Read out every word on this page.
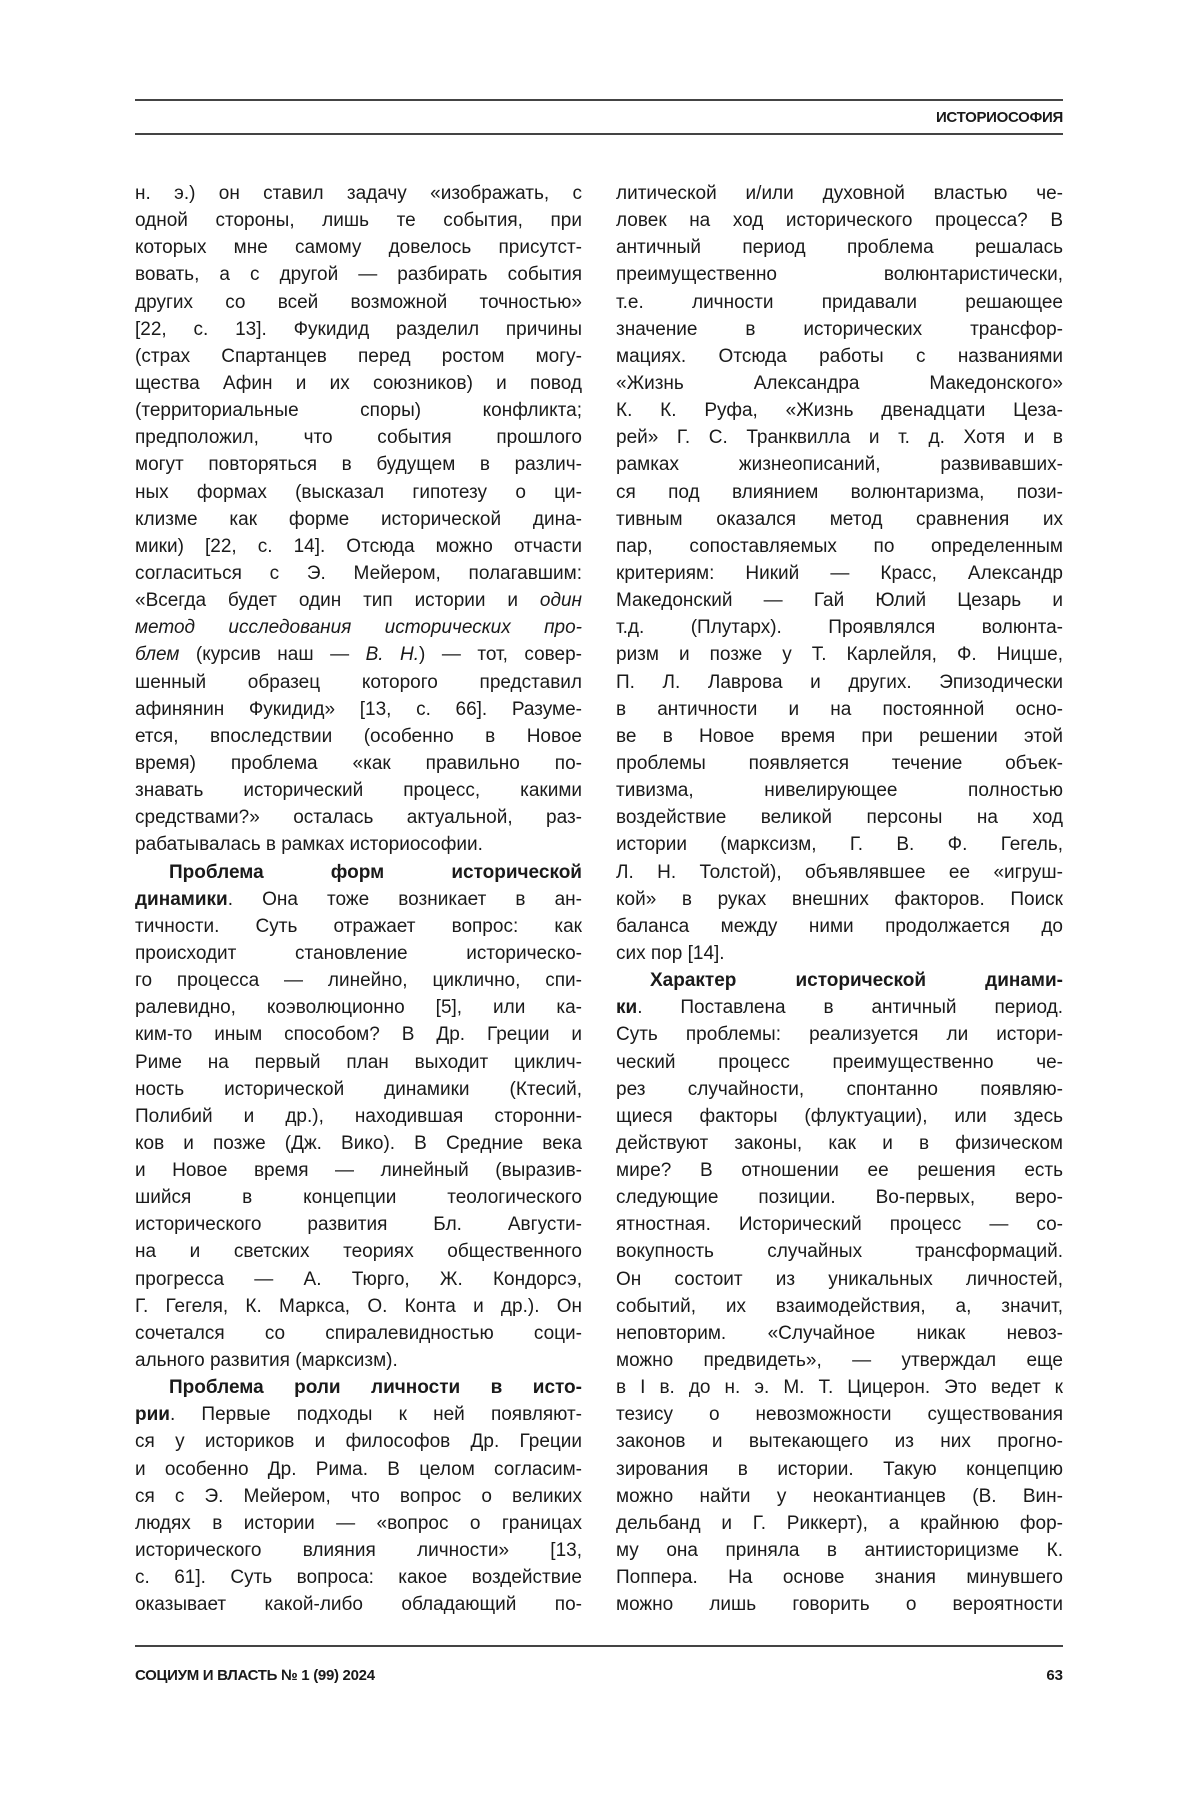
ИСТОРИОСОФИЯ
н. э.) он ставил задачу «изображать, с
одной стороны, лишь те события, при
которых мне самому довелось присутст-
вовать, а с другой — разбирать события
других со всей возможной точностью»
[22, с. 13]. Фукидид разделил причины
(страх Спартанцев перед ростом могу-
щества Афин и их союзников) и повод
(территориальные споры) конфликта;
предположил, что события прошлого
могут повторяться в будущем в различ-
ных формах (высказал гипотезу о ци-
клизме как форме исторической дина-
мики) [22, с. 14]. Отсюда можно отчасти
согласиться с Э. Мейером, полагавшим:
«Всегда будет один тип истории и один
метод исследования исторических про-
блем (курсив наш — В. Н.) — тот, совер-
шенный образец которого представил
афинянин Фукидид» [13, с. 66]. Разуме-
ется, впоследствии (особенно в Новое
время) проблема «как правильно по-
знавать исторический процесс, какими
средствами?» осталась актуальной, раз-
рабатывалась в рамках историософии.
Проблема форм исторической
динамики. Она тоже возникает в ан-
тичности. Суть отражает вопрос: как
происходит становление историческо-
го процесса — линейно, циклично, спи-
ралевидно, коэволюционно [5], или ка-
ким-то иным способом? В Др. Греции и
Риме на первый план выходит циклич-
ность исторической динамики (Ктесий,
Полибий и др.), находившая сторонни-
ков и позже (Дж. Вико). В Средние века
и Новое время — линейный (выразив-
шийся в концепции теологического
исторического развития Бл. Августи-
на и светских теориях общественного
прогресса — А. Тюрго, Ж. Кондорсэ,
Г. Гегеля, К. Маркса, О. Конта и др.). Он
сочетался со спиралевидностью соци-
ального развития (марксизм).
Проблема роли личности в исто-
рии. Первые подходы к ней появляют-
ся у историков и философов Др. Греции
и особенно Др. Рима. В целом согласим-
ся с Э. Мейером, что вопрос о великих
людях в истории — «вопрос о границах
исторического влияния личности» [13,
с. 61]. Суть вопроса: какое воздействие
оказывает какой-либо обладающий по-
литической и/или духовной властью че-
ловек на ход исторического процесса? В
античный период проблема решалась
преимущественно волюнтаристически,
т.е. личности придавали решающее
значение в исторических трансфор-
мациях. Отсюда работы с названиями
«Жизнь Александра Македонского»
К. К. Руфа, «Жизнь двенадцати Цеза-
рей» Г. С. Транквилла и т. д. Хотя и в
рамках жизнеописаний, развивавших-
ся под влиянием волюнтаризма, пози-
тивным оказался метод сравнения их
пар, сопоставляемых по определенным
критериям: Никий — Красс, Александр
Македонский — Гай Юлий Цезарь и
т.д. (Плутарх). Проявлялся волюнта-
ризм и позже у Т. Карлейля, Ф. Ницше,
П. Л. Лаврова и других. Эпизодически
в античности и на постоянной осно-
ве в Новое время при решении этой
проблемы появляется течение объек-
тивизма, нивелирующее полностью
воздействие великой персоны на ход
истории (марксизм, Г. В. Ф. Гегель,
Л. Н. Толстой), объявлявшее ее «игруш-
кой» в руках внешних факторов. Поиск
баланса между ними продолжается до
сих пор [14].
Характер исторической динами-
ки. Поставлена в античный период.
Суть проблемы: реализуется ли истори-
ческий процесс преимущественно че-
рез случайности, спонтанно появляю-
щиеся факторы (флуктуации), или здесь
действуют законы, как и в физическом
мире? В отношении ее решения есть
следующие позиции. Во-первых, веро-
ятностная. Исторический процесс — со-
вокупность случайных трансформаций.
Он состоит из уникальных личностей,
событий, их взаимодействия, а, значит,
неповторим. «Случайное никак невоз-
можно предвидеть», — утверждал еще
в I в. до н. э. М. Т. Цицерон. Это ведет к
тезису о невозможности существования
законов и вытекающего из них прогно-
зирования в истории. Такую концепцию
можно найти у неокантианцев (В. Вин-
дельбанд и Г. Риккерт), а крайнюю фор-
му она приняла в антиисторицизме К.
Поппера. На основе знания минувшего
можно лишь говорить о вероятности
СОЦИУМ И ВЛАСТЬ № 1 (99) 2024	63
